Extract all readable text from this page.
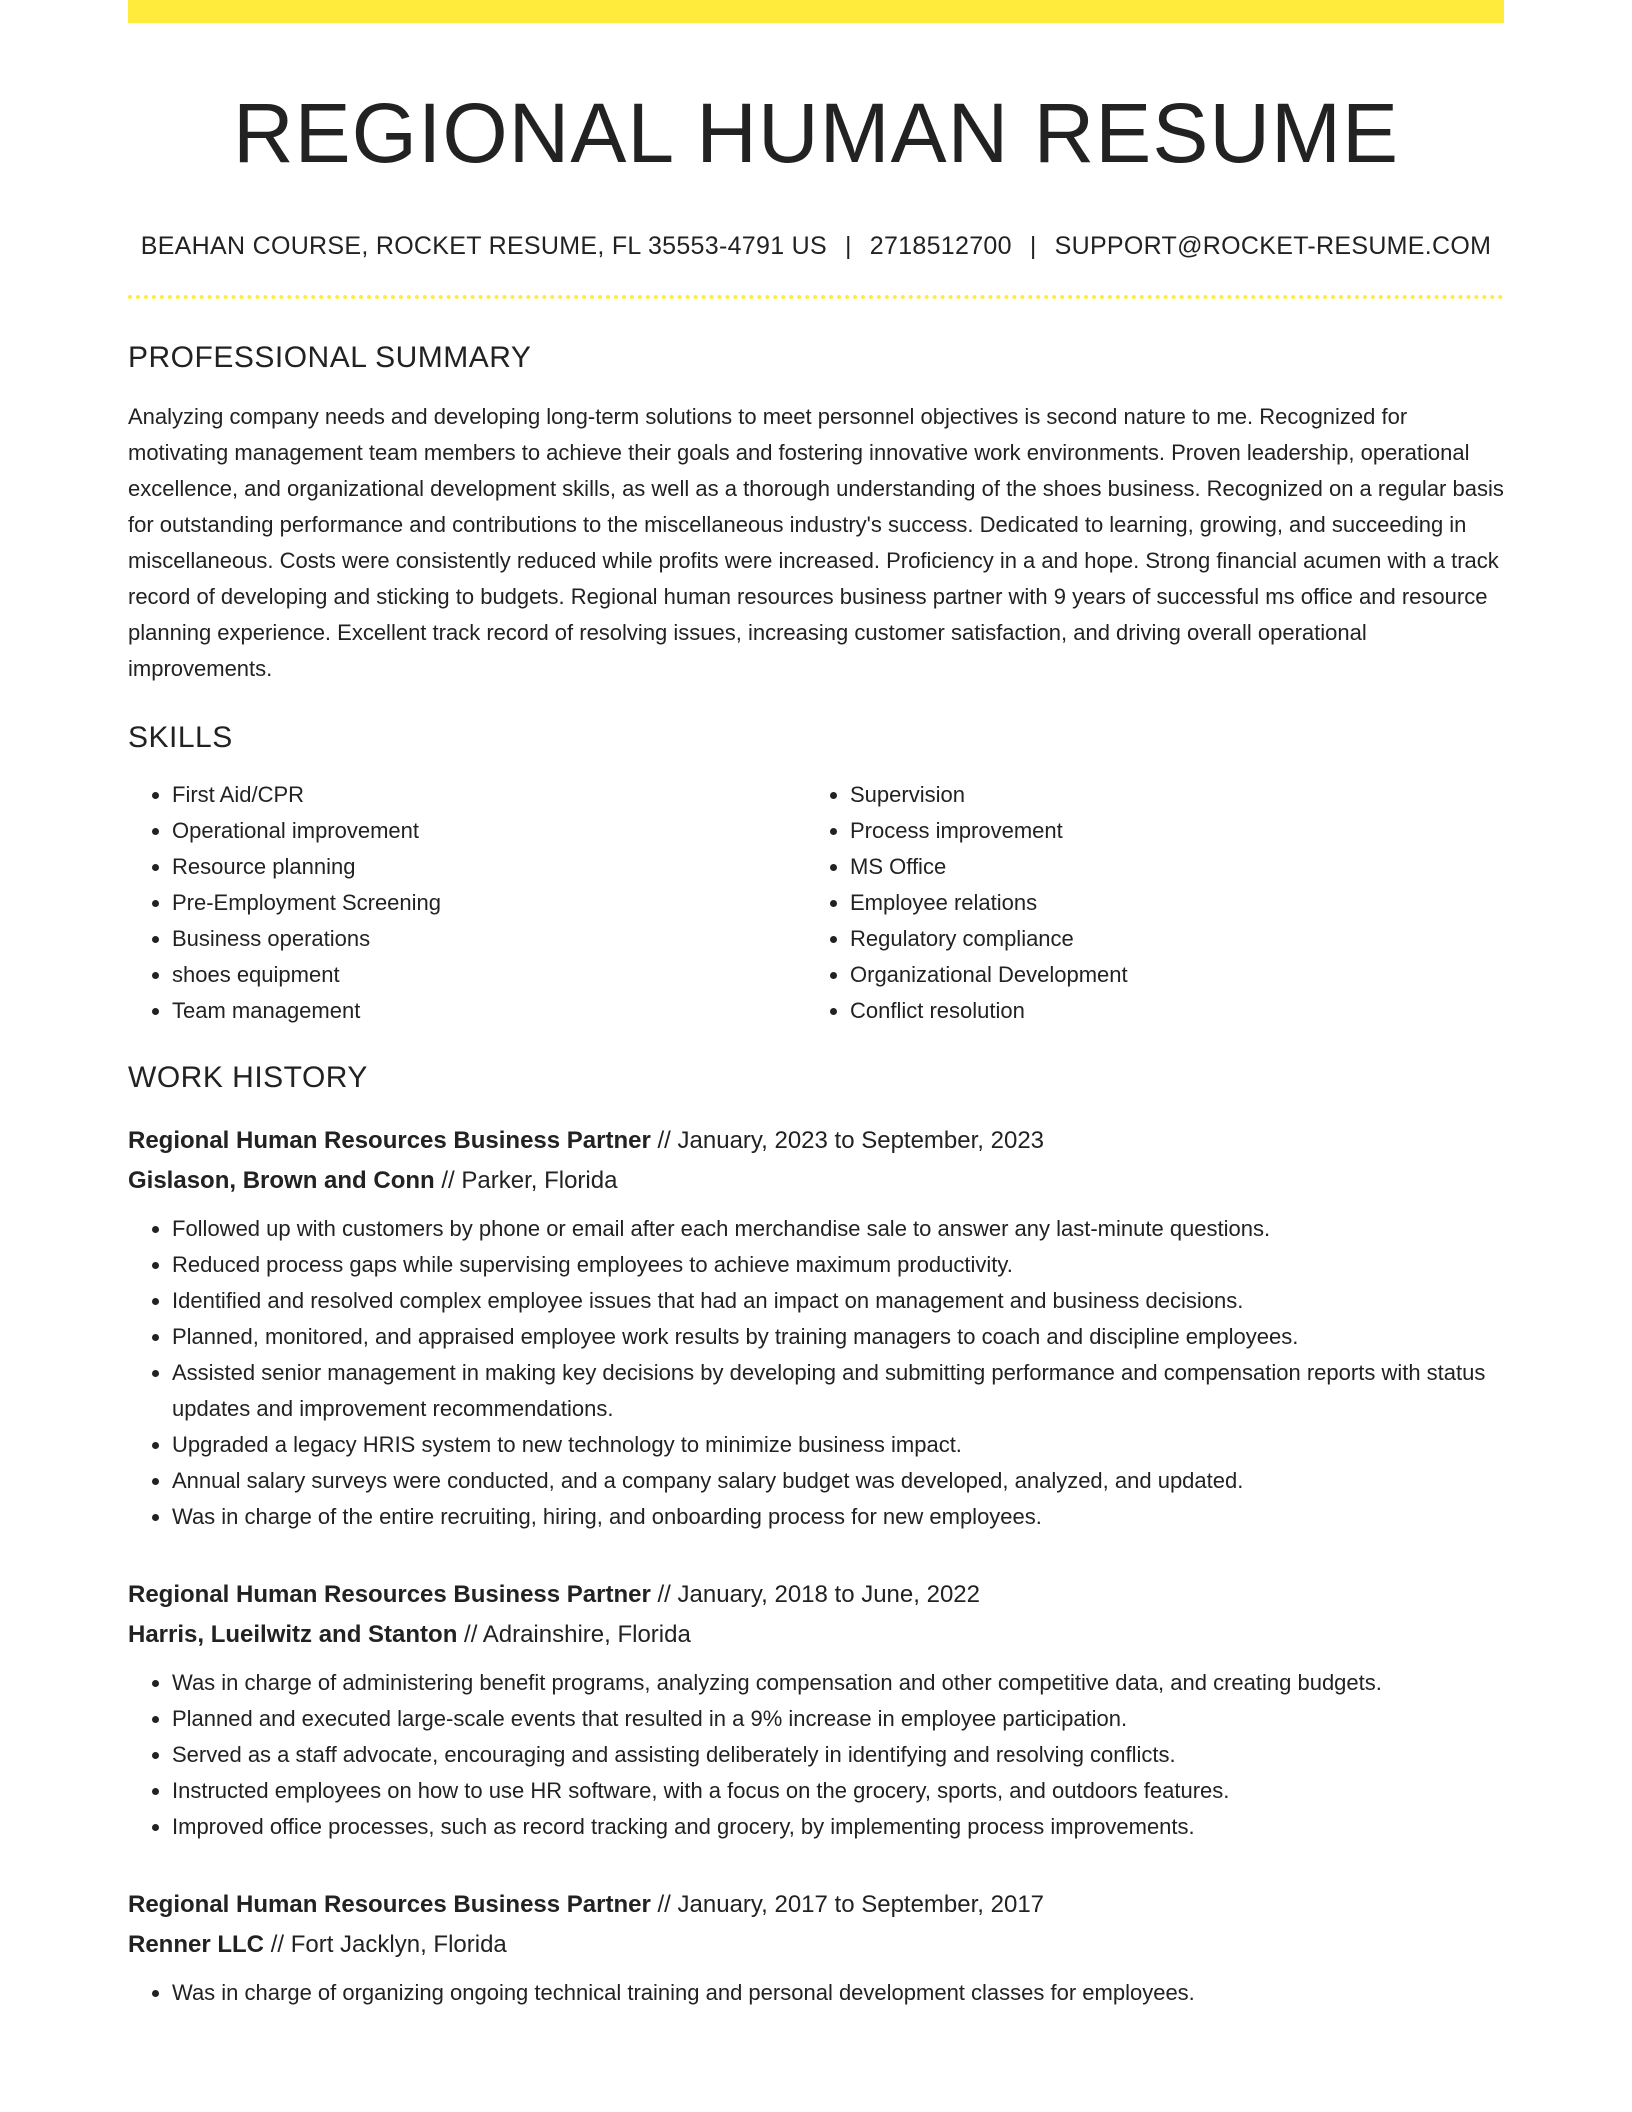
REGIONAL HUMAN RESUME
BEAHAN COURSE, ROCKET RESUME, FL 35553-4791 US | 2718512700 | SUPPORT@ROCKET-RESUME.COM
PROFESSIONAL SUMMARY

Analyzing company needs and developing long-term solutions to meet personnel objectives is second nature to me. Recognized for motivating management team members to achieve their goals and fostering innovative work environments. Proven leadership, operational excellence, and organizational development skills, as well as a thorough understanding of the shoes business. Recognized on a regular basis for outstanding performance and contributions to the miscellaneous industry's success. Dedicated to learning, growing, and succeeding in miscellaneous. Costs were consistently reduced while profits were increased. Proficiency in a and hope. Strong financial acumen with a track record of developing and sticking to budgets. Regional human resources business partner with 9 years of successful ms office and resource planning experience. Excellent track record of resolving issues, increasing customer satisfaction, and driving overall operational improvements.

SKILLS
• First Aid/CPR
• Operational improvement
• Resource planning
• Pre-Employment Screening
• Business operations
• shoes equipment
• Team management
• Supervision
• Process improvement
• MS Office
• Employee relations
• Regulatory compliance
• Organizational Development
• Conflict resolution
WORK HISTORY
Regional Human Resources Business Partner // January, 2023 to September, 2023
Gislason, Brown and Conn // Parker, Florida
• Followed up with customers by phone or email after each merchandise sale to answer any last-minute questions.
• Reduced process gaps while supervising employees to achieve maximum productivity.
• Identified and resolved complex employee issues that had an impact on management and business decisions.
• Planned, monitored, and appraised employee work results by training managers to coach and discipline employees.
• Assisted senior management in making key decisions by developing and submitting performance and compensation reports with status updates and improvement recommendations.
• Upgraded a legacy HRIS system to new technology to minimize business impact.
• Annual salary surveys were conducted, and a company salary budget was developed, analyzed, and updated.
• Was in charge of the entire recruiting, hiring, and onboarding process for new employees.
Regional Human Resources Business Partner // January, 2018 to June, 2022
Harris, Lueilwitz and Stanton // Adrainshire, Florida
• Was in charge of administering benefit programs, analyzing compensation and other competitive data, and creating budgets.
• Planned and executed large-scale events that resulted in a 9% increase in employee participation.
• Served as a staff advocate, encouraging and assisting deliberately in identifying and resolving conflicts.
• Instructed employees on how to use HR software, with a focus on the grocery, sports, and outdoors features.
• Improved office processes, such as record tracking and grocery, by implementing process improvements.
Regional Human Resources Business Partner // January, 2017 to September, 2017
Renner LLC // Fort Jacklyn, Florida
• Was in charge of organizing ongoing technical training and personal development classes for employees.
